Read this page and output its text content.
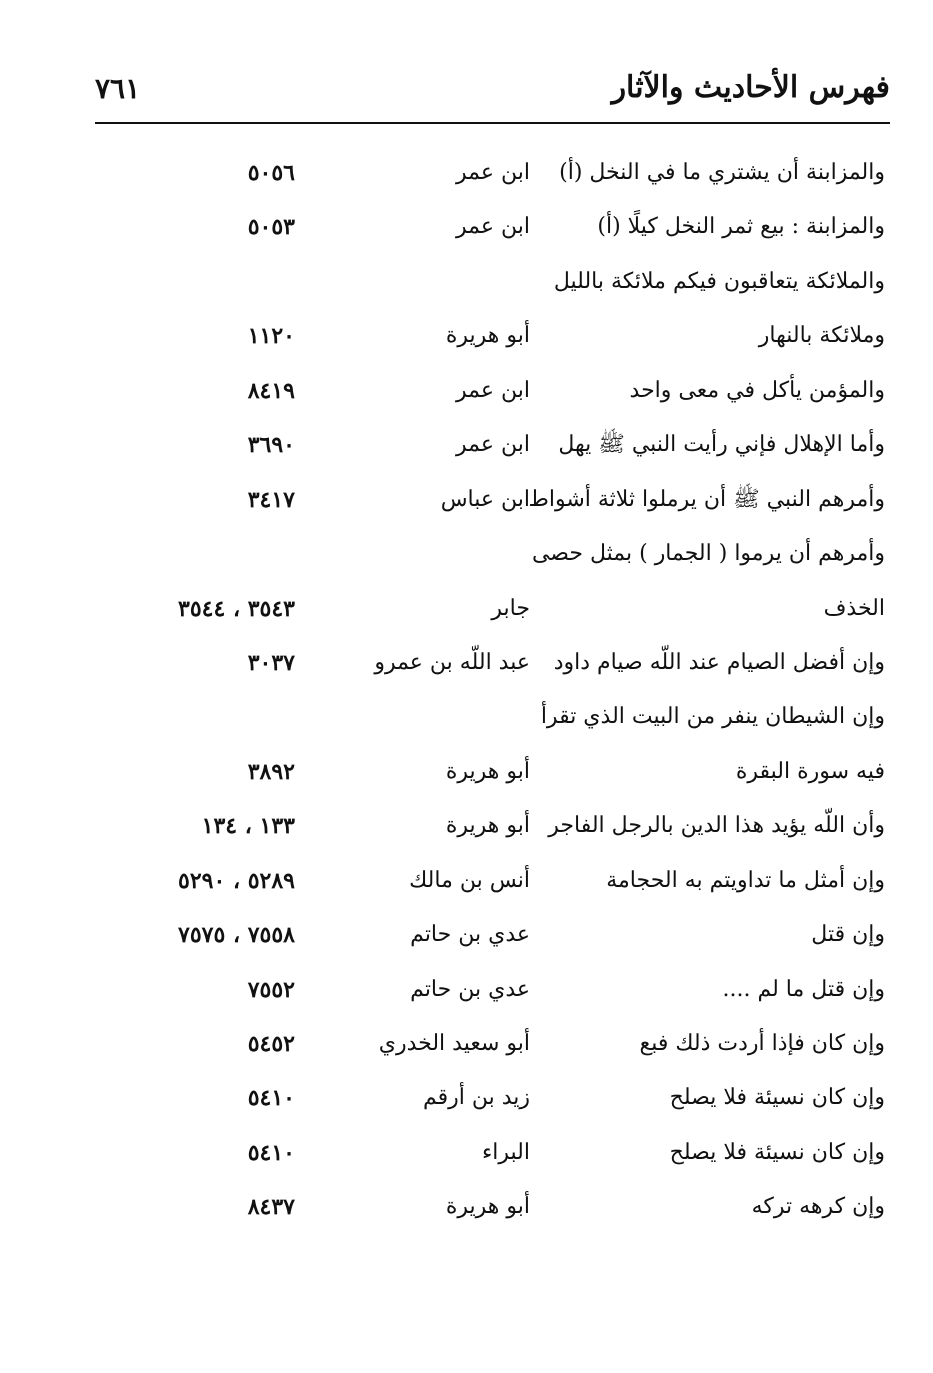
فهرس الأحاديث والآثار
٧٦١
والمزابنة أن يشتري ما في النخل (أ)
ابن عمر
٥٠٥٦
والمزابنة : بيع ثمر النخل كيلًا (أ)
ابن عمر
٥٠٥٣
والملائكة يتعاقبون فيكم ملائكة بالليل
وملائكة بالنهار
أبو هريرة
١١٢٠
والمؤمن يأكل في معى واحد
ابن عمر
٨٤١٩
وأما الإهلال فإني رأيت النبي ﷺ يهل
ابن عمر
٣٦٩٠
وأمرهم النبي ﷺ أن يرملوا ثلاثة أشواط
ابن عباس
٣٤١٧
وأمرهم أن يرموا ( الجمار ) بمثل حصى
الخذف
جابر
٣٥٤٣ ، ٣٥٤٤
وإن أفضل الصيام عند اللّه صيام داود
عبد اللّه بن عمرو
٣٠٣٧
وإن الشيطان ينفر من البيت الذي تقرأ
فيه سورة البقرة
أبو هريرة
٣٨٩٢
وأن اللّه يؤيد هذا الدين بالرجل الفاجر
أبو هريرة
١٣٣ ، ١٣٤
وإن أمثل ما تداويتم به الحجامة
أنس بن مالك
٥٢٨٩ ، ٥٢٩٠
وإن قتل
عدي بن حاتم
٧٥٥٨ ، ٧٥٧٥
وإن قتل ما لم ....
عدي بن حاتم
٧٥٥٢
وإن كان فإذا أردت ذلك فبع
أبو سعيد الخدري
٥٤٥٢
وإن كان نسيئة فلا يصلح
زيد بن أرقم
٥٤١٠
وإن كان نسيئة فلا يصلح
البراء
٥٤١٠
وإن كرهه تركه
أبو هريرة
٨٤٣٧
